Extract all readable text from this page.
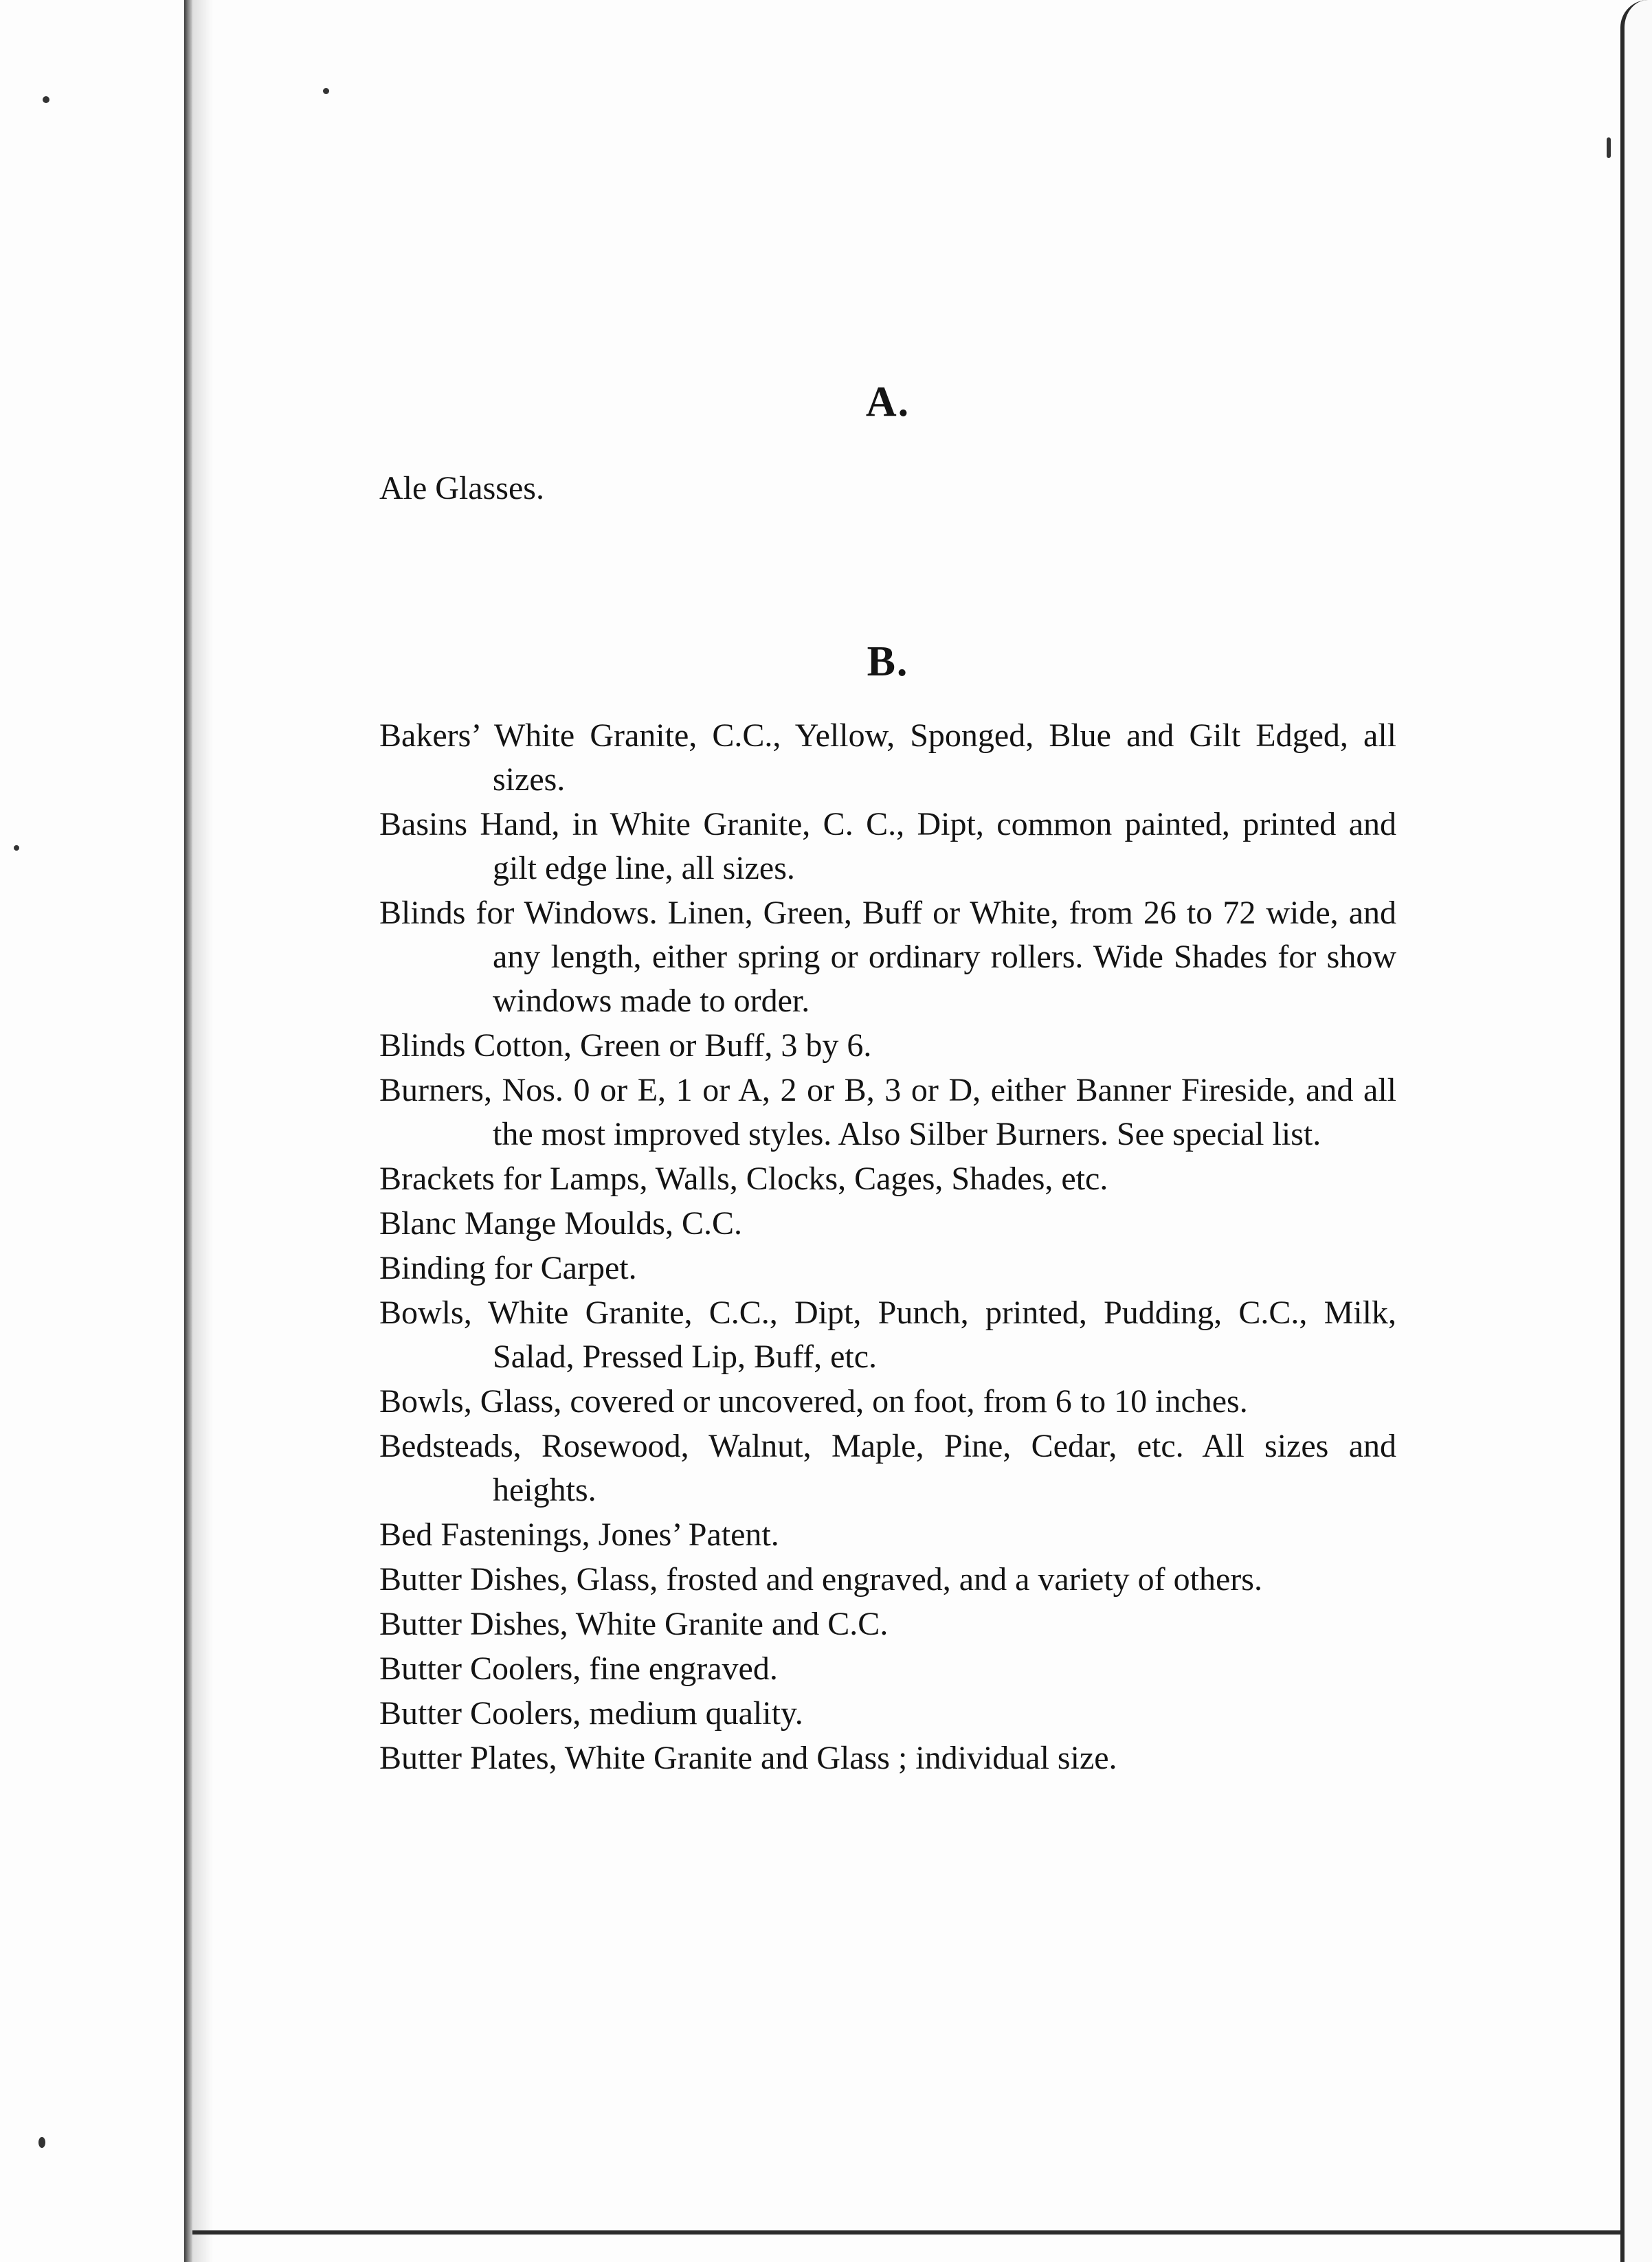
A.

Ale Glasses.

B.

Bakers’ White Granite, C.C., Yellow, Sponged, Blue and Gilt Edged, all sizes.

Basins Hand, in White Granite, C. C., Dipt, common painted, printed and gilt edge line, all sizes.

Blinds for Windows. Linen, Green, Buff or White, from 26 to 72 wide, and any length, either spring or ordinary rollers. Wide Shades for show windows made to order.

Blinds Cotton, Green or Buff, 3 by 6.

Burners, Nos. 0 or E, 1 or A, 2 or B, 3 or D, either Banner Fireside, and all the most improved styles. Also Silber Burners. See special list.

Brackets for Lamps, Walls, Clocks, Cages, Shades, etc.

Blanc Mange Moulds, C.C.

Binding for Carpet.

Bowls, White Granite, C.C., Dipt, Punch, printed, Pudding, C.C., Milk, Salad, Pressed Lip, Buff, etc.

Bowls, Glass, covered or uncovered, on foot, from 6 to 10 inches.

Bedsteads, Rosewood, Walnut, Maple, Pine, Cedar, etc. All sizes and heights.

Bed Fastenings, Jones’ Patent.

Butter Dishes, Glass, frosted and engraved, and a variety of others.

Butter Dishes, White Granite and C.C.

Butter Coolers, fine engraved.

Butter Coolers, medium quality.

Butter Plates, White Granite and Glass ; individual size.
